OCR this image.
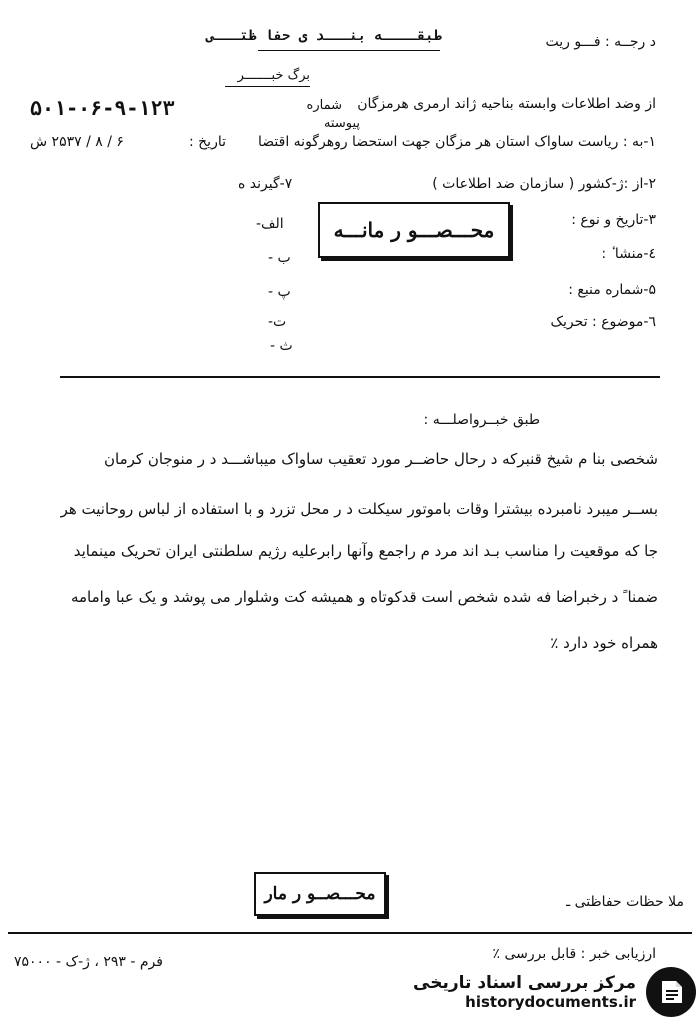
طبقــــه بنـــد ی حفا ظتـــی	د رجــه : فـــو ریت
برگ خبـــــــر
از وضد اطلاعات وابسته بناحیه ژاند ارمری هرمزگان
شماره
پیوسته
۵۰۱-۰۶-۹-۱۲۳
۱-به : ریاست ساواک استان هر مزگان جهت استحضا روهرگونه اقتضا
تاریخ :
۶ / ۸ / ۲۵۳۷ ش
۲-از :ژ-کشور ( سازمان ضد اطلاعات )
۷-گیرند ه
۳-تاریخ و نوع :
٤-منشا ٔ :
۵-شماره منبع :
٦-موضوع : تحریک
الف-
ب -
پ -
ت-
ث -
محـــصـــو ر مانـــه
طبق خبــرواصلـــه :
شخصی بنا م شیخ قنبرکه د رحال حاضــر مورد تعقیب ساواک میباشـــد د ر منوجان کرمان
بســر میبرد نامبرده بیشترا وقات باموتور سیکلت د ر محل تزرد و با استفاده از لباس روحانیت هر
جا که موقعیت را مناسب بـد اند مرد م راجمع وآنها رابرعلیه رژیم سلطنتی ایران تحریک مینماید
ضمنا ً د رخبراضا فه شده شخص است قدکوتاه و همیشه کت وشلوار می پوشد و یک عبا وامامه
همراه خود دارد ٪
محـــصــو ر مار	ملا حظات حفاظتی ـ
ارزیابی خبر : قابل بررسی ٪
فرم - ۲۹۳ ، ژ-ک - ۷۵۰۰۰
مرکز بررسی اسناد تاریخی
historydocuments.ir
